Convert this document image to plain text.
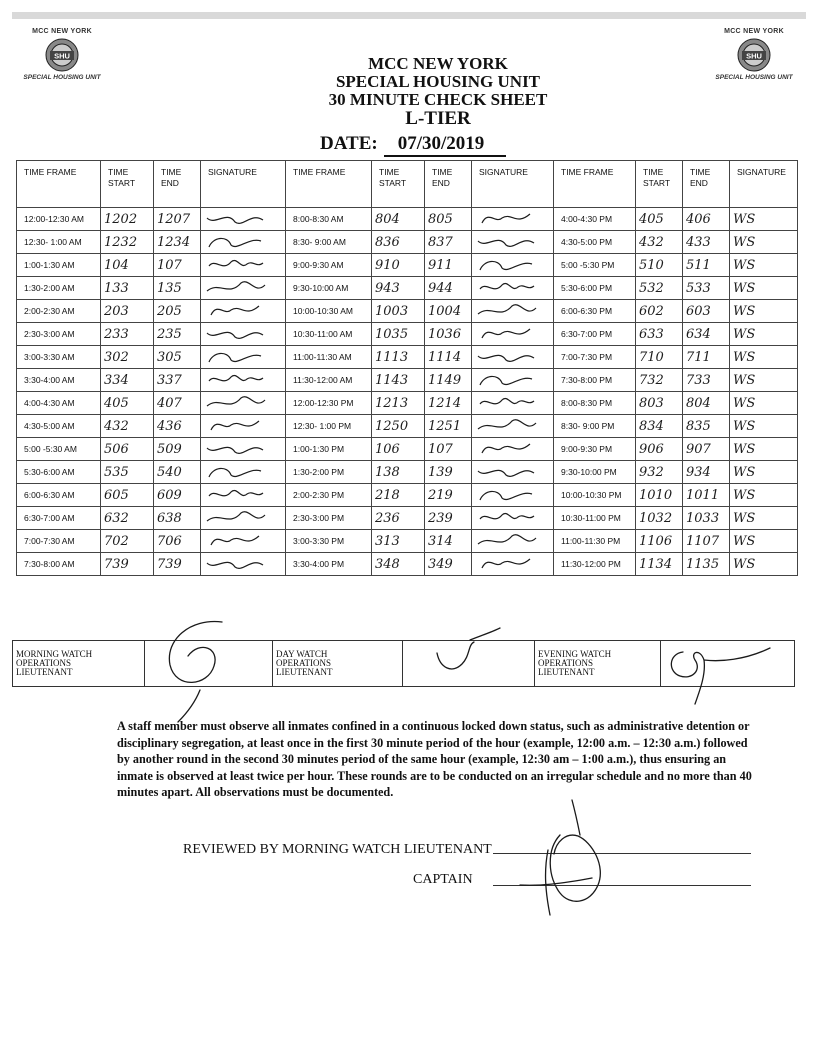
MCC NEW YORK
SHU
SPECIAL HOUSING UNIT
MCC NEW YORK
SHU
SPECIAL HOUSING UNIT
MCC NEW YORK
SPECIAL HOUSING UNIT
30 MINUTE CHECK SHEET
L-TIER
DATE: 07/30/2019
TIME FRAME	TIME START	TIME END	SIGNATURE	TIME FRAME	TIME START	TIME END	SIGNATURE	TIME FRAME	TIME START	TIME END	SIGNATURE
12:00-12:30 AM	1202	1207		8:00-8:30 AM	804	805		4:00-4:30 PM	405	406	WS
12:30- 1:00 AM	1232	1234		8:30- 9:00 AM	836	837		4:30-5:00 PM	432	433	WS
1:00-1:30 AM	104	107		9:00-9:30 AM	910	911		5:00 -5:30 PM	510	511	WS
1:30-2:00 AM	133	135		9:30-10:00 AM	943	944		5:30-6:00 PM	532	533	WS
2:00-2:30 AM	203	205		10:00-10:30 AM	1003	1004		6:00-6:30 PM	602	603	WS
2:30-3:00 AM	233	235		10:30-11:00 AM	1035	1036		6:30-7:00 PM	633	634	WS
3:00-3:30 AM	302	305		11:00-11:30 AM	1113	1114		7:00-7:30 PM	710	711	WS
3:30-4:00 AM	334	337		11:30-12:00 AM	1143	1149		7:30-8:00 PM	732	733	WS
4:00-4:30 AM	405	407		12:00-12:30 PM	1213	1214		8:00-8:30 PM	803	804	WS
4:30-5:00 AM	432	436		12:30- 1:00 PM	1250	1251		8:30- 9:00 PM	834	835	WS
5:00 -5:30 AM	506	509		1:00-1:30 PM	106	107		9:00-9:30 PM	906	907	WS
5:30-6:00 AM	535	540		1:30-2:00 PM	138	139		9:30-10:00 PM	932	934	WS
6:00-6:30 AM	605	609		2:00-2:30 PM	218	219		10:00-10:30 PM	1010	1011	WS
6:30-7:00 AM	632	638		2:30-3:00 PM	236	239		10:30-11:00 PM	1032	1033	WS
7:00-7:30 AM	702	706		3:00-3:30 PM	313	314		11:00-11:30 PM	1106	1107	WS
7:30-8:00 AM	739	739		3:30-4:00 PM	348	349		11:30-12:00 PM	1134	1135	WS
MORNING WATCH
OPERATIONS
LIEUTENANT
DAY WATCH
OPERATIONS
LIEUTENANT
EVENING WATCH
OPERATIONS
LIEUTENANT
A staff member must observe all inmates confined in a continuous locked down status, such as administrative detention or disciplinary segregation, at least once in the first 30 minute period of the hour (example, 12:00 a.m. – 12:30 a.m.) followed by another round in the second 30 minutes period of the same hour (example, 12:30 am – 1:00 a.m.), thus ensuring an inmate is observed at least twice per hour. These rounds are to be conducted on an irregular schedule and no more than 40 minutes apart. All observations must be documented.
REVIEWED BY MORNING WATCH LIEUTENANT
CAPTAIN
